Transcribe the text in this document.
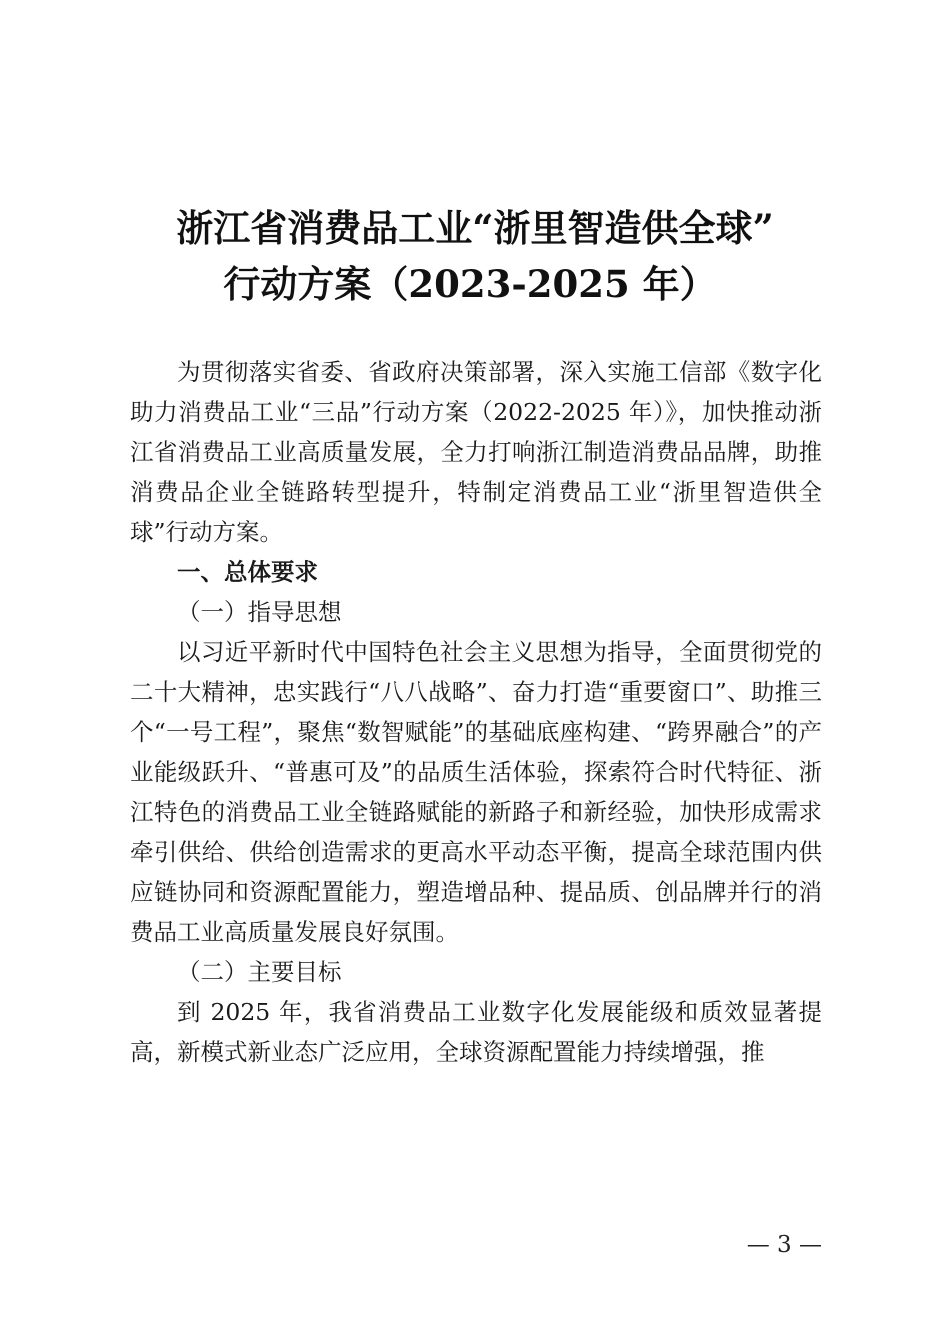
浙江省消费品工业“浙里智造供全球”
行动方案（2023-2025 年）

为贯彻落实省委、省政府决策部署，深入实施工信部《数字化助力消费品工业“三品”行动方案（2022-2025 年）》，加快推动浙江省消费品工业高质量发展，全力打响浙江制造消费品品牌，助推消费品企业全链路转型提升，特制定消费品工业“浙里智造供全球”行动方案。

一、总体要求

（一）指导思想

以习近平新时代中国特色社会主义思想为指导，全面贯彻党的二十大精神，忠实践行“八八战略”、奋力打造“重要窗口”、助推三个“一号工程”，聚焦“数智赋能”的基础底座构建、“跨界融合”的产业能级跃升、“普惠可及”的品质生活体验，探索符合时代特征、浙江特色的消费品工业全链路赋能的新路子和新经验，加快形成需求牵引供给、供给创造需求的更高水平动态平衡，提高全球范围内供应链协同和资源配置能力，塑造增品种、提品质、创品牌并行的消费品工业高质量发展良好氛围。

（二）主要目标

到 2025 年，我省消费品工业数字化发展能级和质效显著提高，新模式新业态广泛应用，全球资源配置能力持续增强，推

— 3 —
